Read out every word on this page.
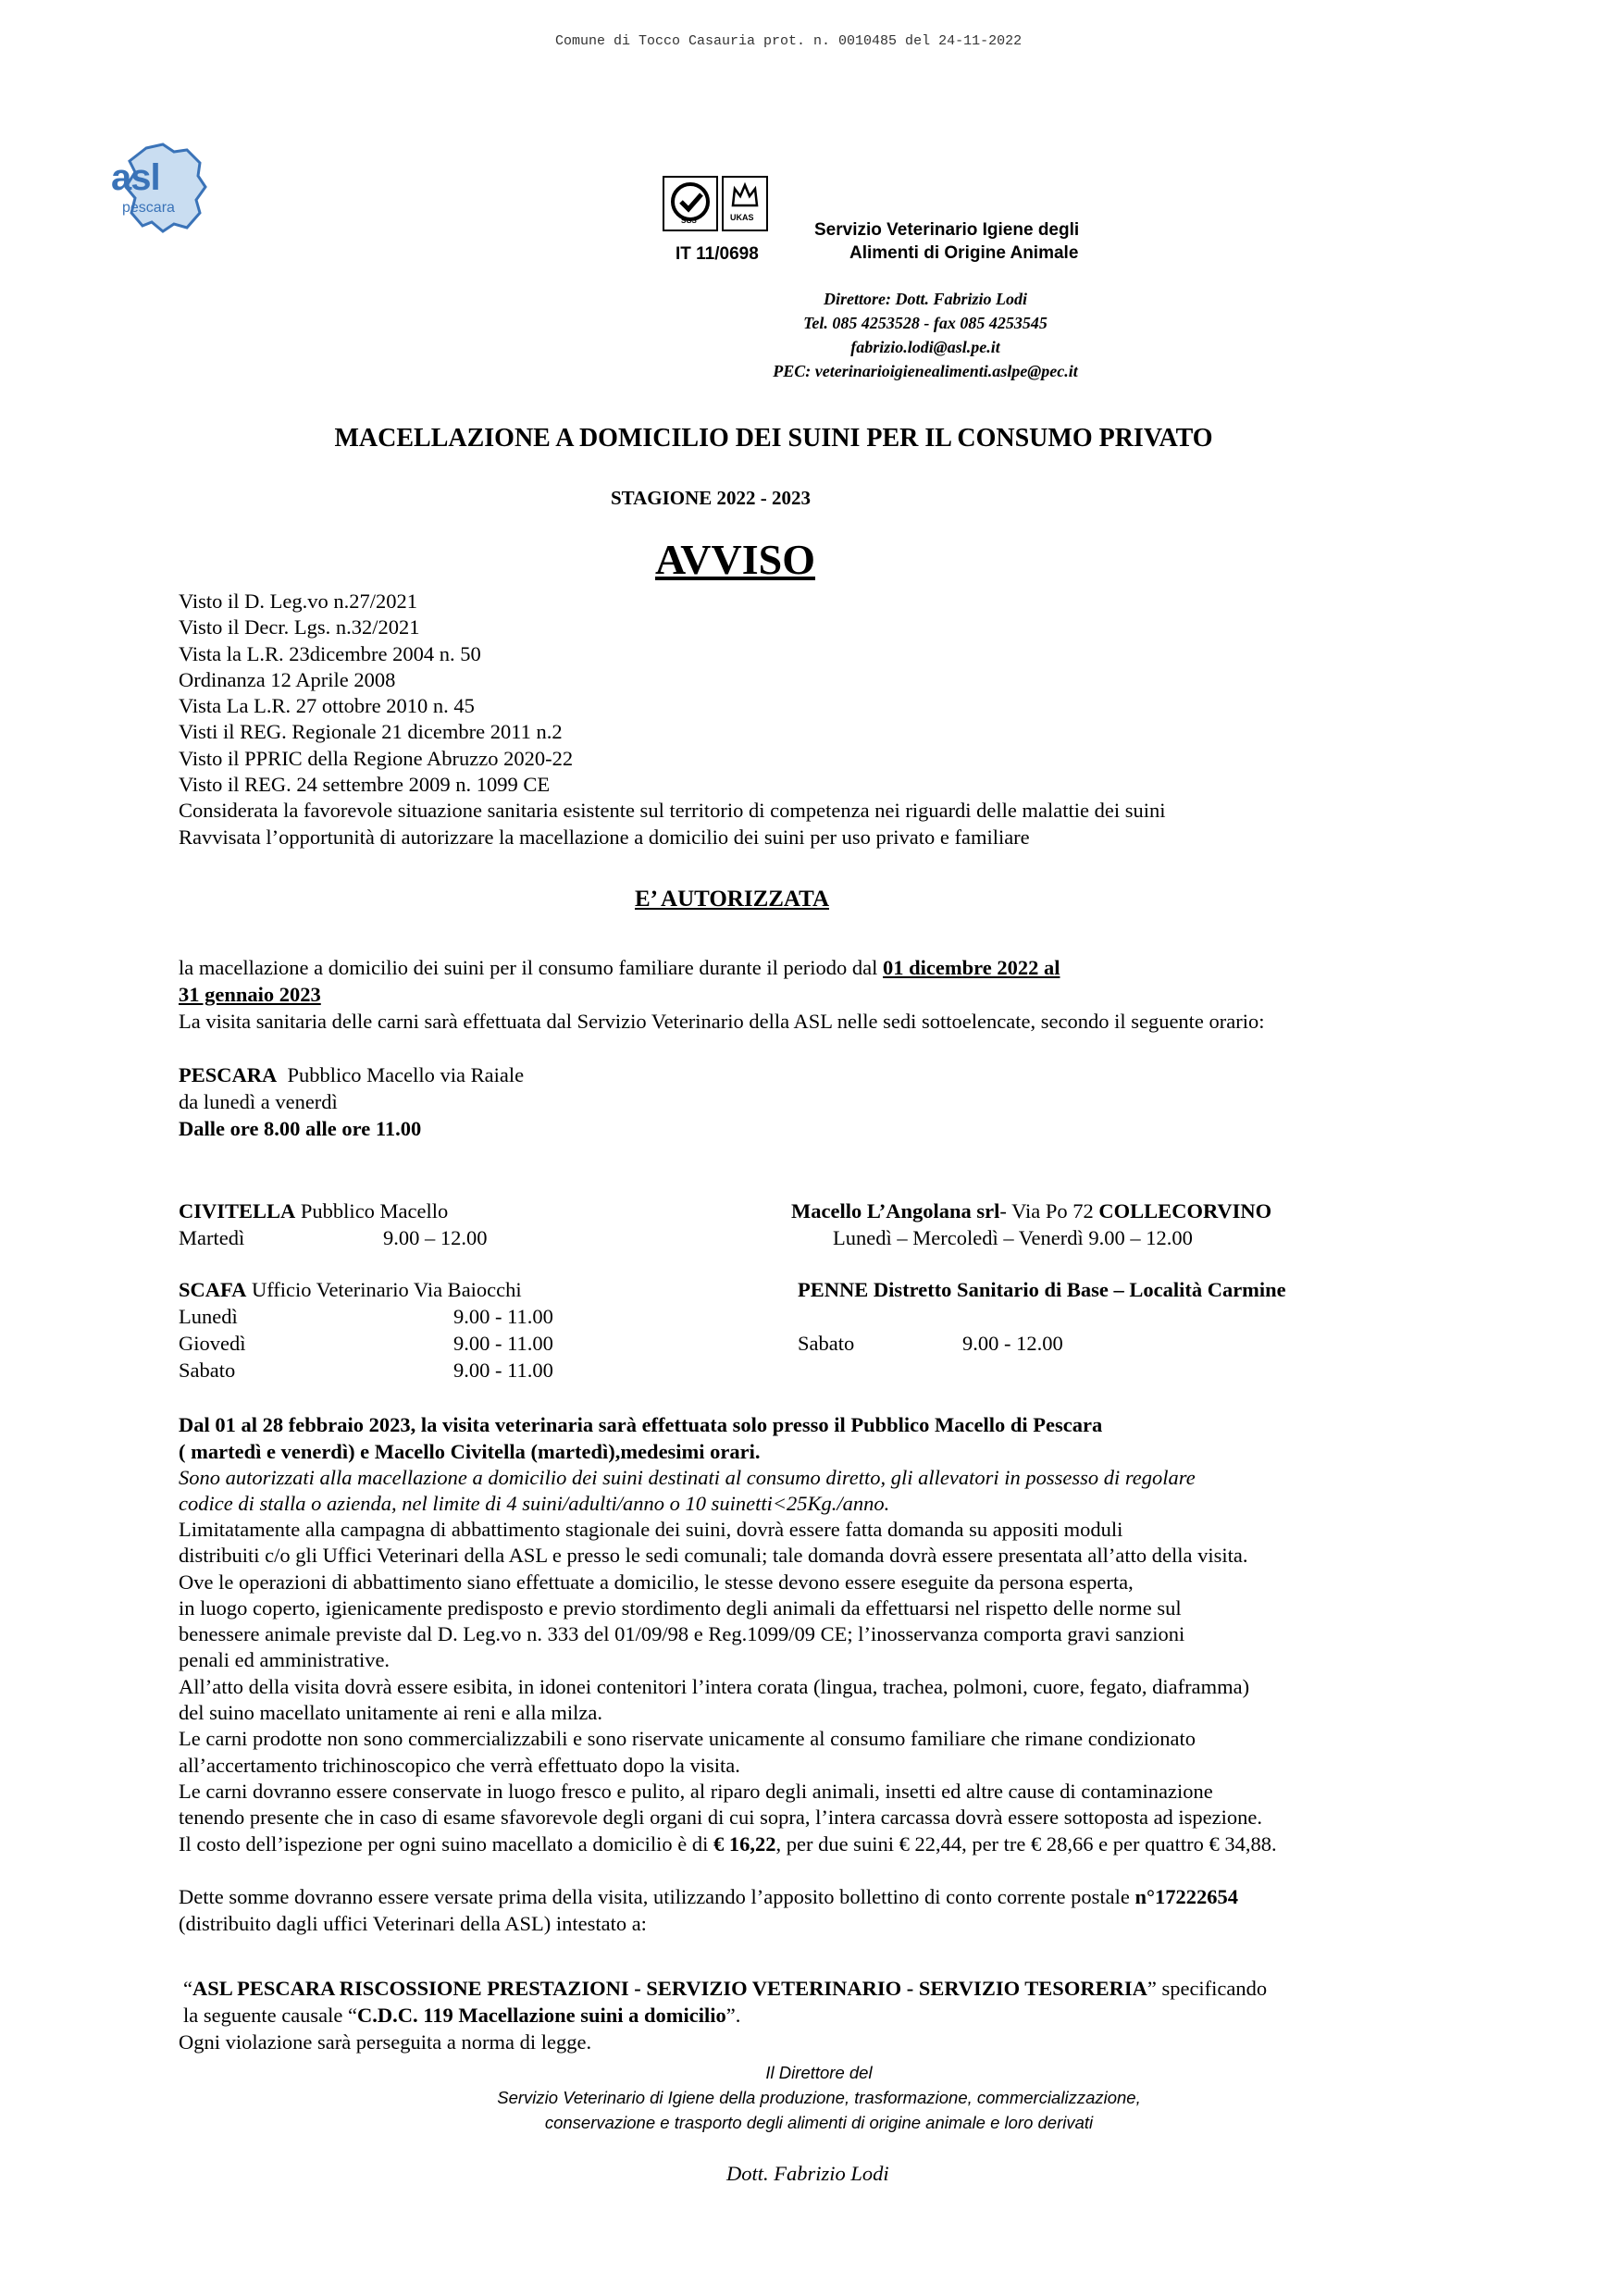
Comune di Tocco Casauria prot. n. 0010485 del 24-11-2022
asl
pescara
SGS	UKAS
IT 11/0698
Servizio Veterinario Igiene degli
Alimenti di Origine Animale
Direttore: Dott. Fabrizio Lodi
Tel. 085 4253528 - fax 085 4253545
fabrizio.lodi@asl.pe.it
PEC: veterinarioigienealimenti.aslpe@pec.it
MACELLAZIONE A DOMICILIO DEI SUINI PER IL CONSUMO PRIVATO
STAGIONE 2022 - 2023
AVVISO
Visto il D. Leg.vo n.27/2021
Visto il Decr. Lgs. n.32/2021
Vista la L.R. 23dicembre 2004 n. 50
Ordinanza 12 Aprile 2008
Vista La L.R. 27 ottobre 2010 n. 45
Visti il REG. Regionale 21 dicembre 2011 n.2
Visto il PPRIC della Regione Abruzzo 2020-22
Visto il REG. 24 settembre 2009 n. 1099 CE
Considerata la favorevole situazione sanitaria esistente sul territorio di competenza nei riguardi delle malattie dei suini
Ravvisata l’opportunità di autorizzare la macellazione a domicilio dei suini per uso privato e familiare
E’ AUTORIZZATA
la macellazione a domicilio dei suini per il consumo familiare durante il periodo dal 01 dicembre 2022 al
31 gennaio 2023
La visita sanitaria delle carni sarà effettuata dal Servizio Veterinario della ASL nelle sedi sottoelencate, secondo il seguente orario:
PESCARA  Pubblico Macello via Raiale
da lunedì a venerdì
Dalle ore 8.00 alle ore 11.00
CIVITELLA Pubblico Macello
Martedì	9.00 – 12.00
Macello L’Angolana srl- Via Po 72 COLLECORVINO
Lunedì – Mercoledì – Venerdì 9.00 – 12.00
SCAFA Ufficio Veterinario Via Baiocchi
Lunedì	9.00 - 11.00
Giovedì	9.00 - 11.00
Sabato	9.00 - 11.00
PENNE Distretto Sanitario di Base – Località Carmine
Sabato	9.00 - 12.00
Dal 01 al 28 febbraio 2023, la visita veterinaria sarà effettuata solo presso il Pubblico Macello di Pescara
( martedì e venerdì) e Macello Civitella (martedì),medesimi orari.
Sono autorizzati alla macellazione a domicilio dei suini destinati al consumo diretto, gli allevatori in possesso di regolare
codice di stalla o azienda, nel limite di 4 suini/adulti/anno o 10 suinetti<25Kg./anno.
Limitatamente alla campagna di abbattimento stagionale dei suini, dovrà essere fatta domanda su appositi moduli
distribuiti c/o gli Uffici Veterinari della ASL e presso le sedi comunali; tale domanda dovrà essere presentata all’atto della visita.
Ove le operazioni di abbattimento siano effettuate a domicilio, le stesse devono essere eseguite da persona esperta,
in luogo coperto, igienicamente predisposto e previo stordimento degli animali da effettuarsi nel rispetto delle norme sul
benessere animale previste dal D. Leg.vo n. 333 del 01/09/98 e Reg.1099/09 CE; l’inosservanza comporta gravi sanzioni
penali ed amministrative.
All’atto della visita dovrà essere esibita, in idonei contenitori l’intera corata (lingua, trachea, polmoni, cuore, fegato, diaframma)
del suino macellato unitamente ai reni e alla milza.
Le carni prodotte non sono commercializzabili e sono riservate unicamente al consumo familiare che rimane condizionato
all’accertamento trichinoscopico che verrà effettuato dopo la visita.
Le carni dovranno essere conservate in luogo fresco e pulito, al riparo degli animali, insetti ed altre cause di contaminazione
tenendo presente che in caso di esame sfavorevole degli organi di cui sopra, l’intera carcassa dovrà essere sottoposta ad ispezione.
Il costo dell’ispezione per ogni suino macellato a domicilio è di € 16,22, per due suini € 22,44, per tre € 28,66 e per quattro € 34,88.
Dette somme dovranno essere versate prima della visita, utilizzando l’apposito bollettino di conto corrente postale n°17222654
(distribuito dagli uffici Veterinari della ASL) intestato a:
“ASL PESCARA RISCOSSIONE PRESTAZIONI - SERVIZIO VETERINARIO - SERVIZIO TESORERIA” specificando
la seguente causale “C.D.C. 119 Macellazione suini a domicilio”.
Ogni violazione sarà perseguita a norma di legge.
Il Direttore del
Servizio Veterinario di Igiene della produzione, trasformazione, commercializzazione,
conservazione e trasporto degli alimenti di origine animale e loro derivati
Dott. Fabrizio Lodi
